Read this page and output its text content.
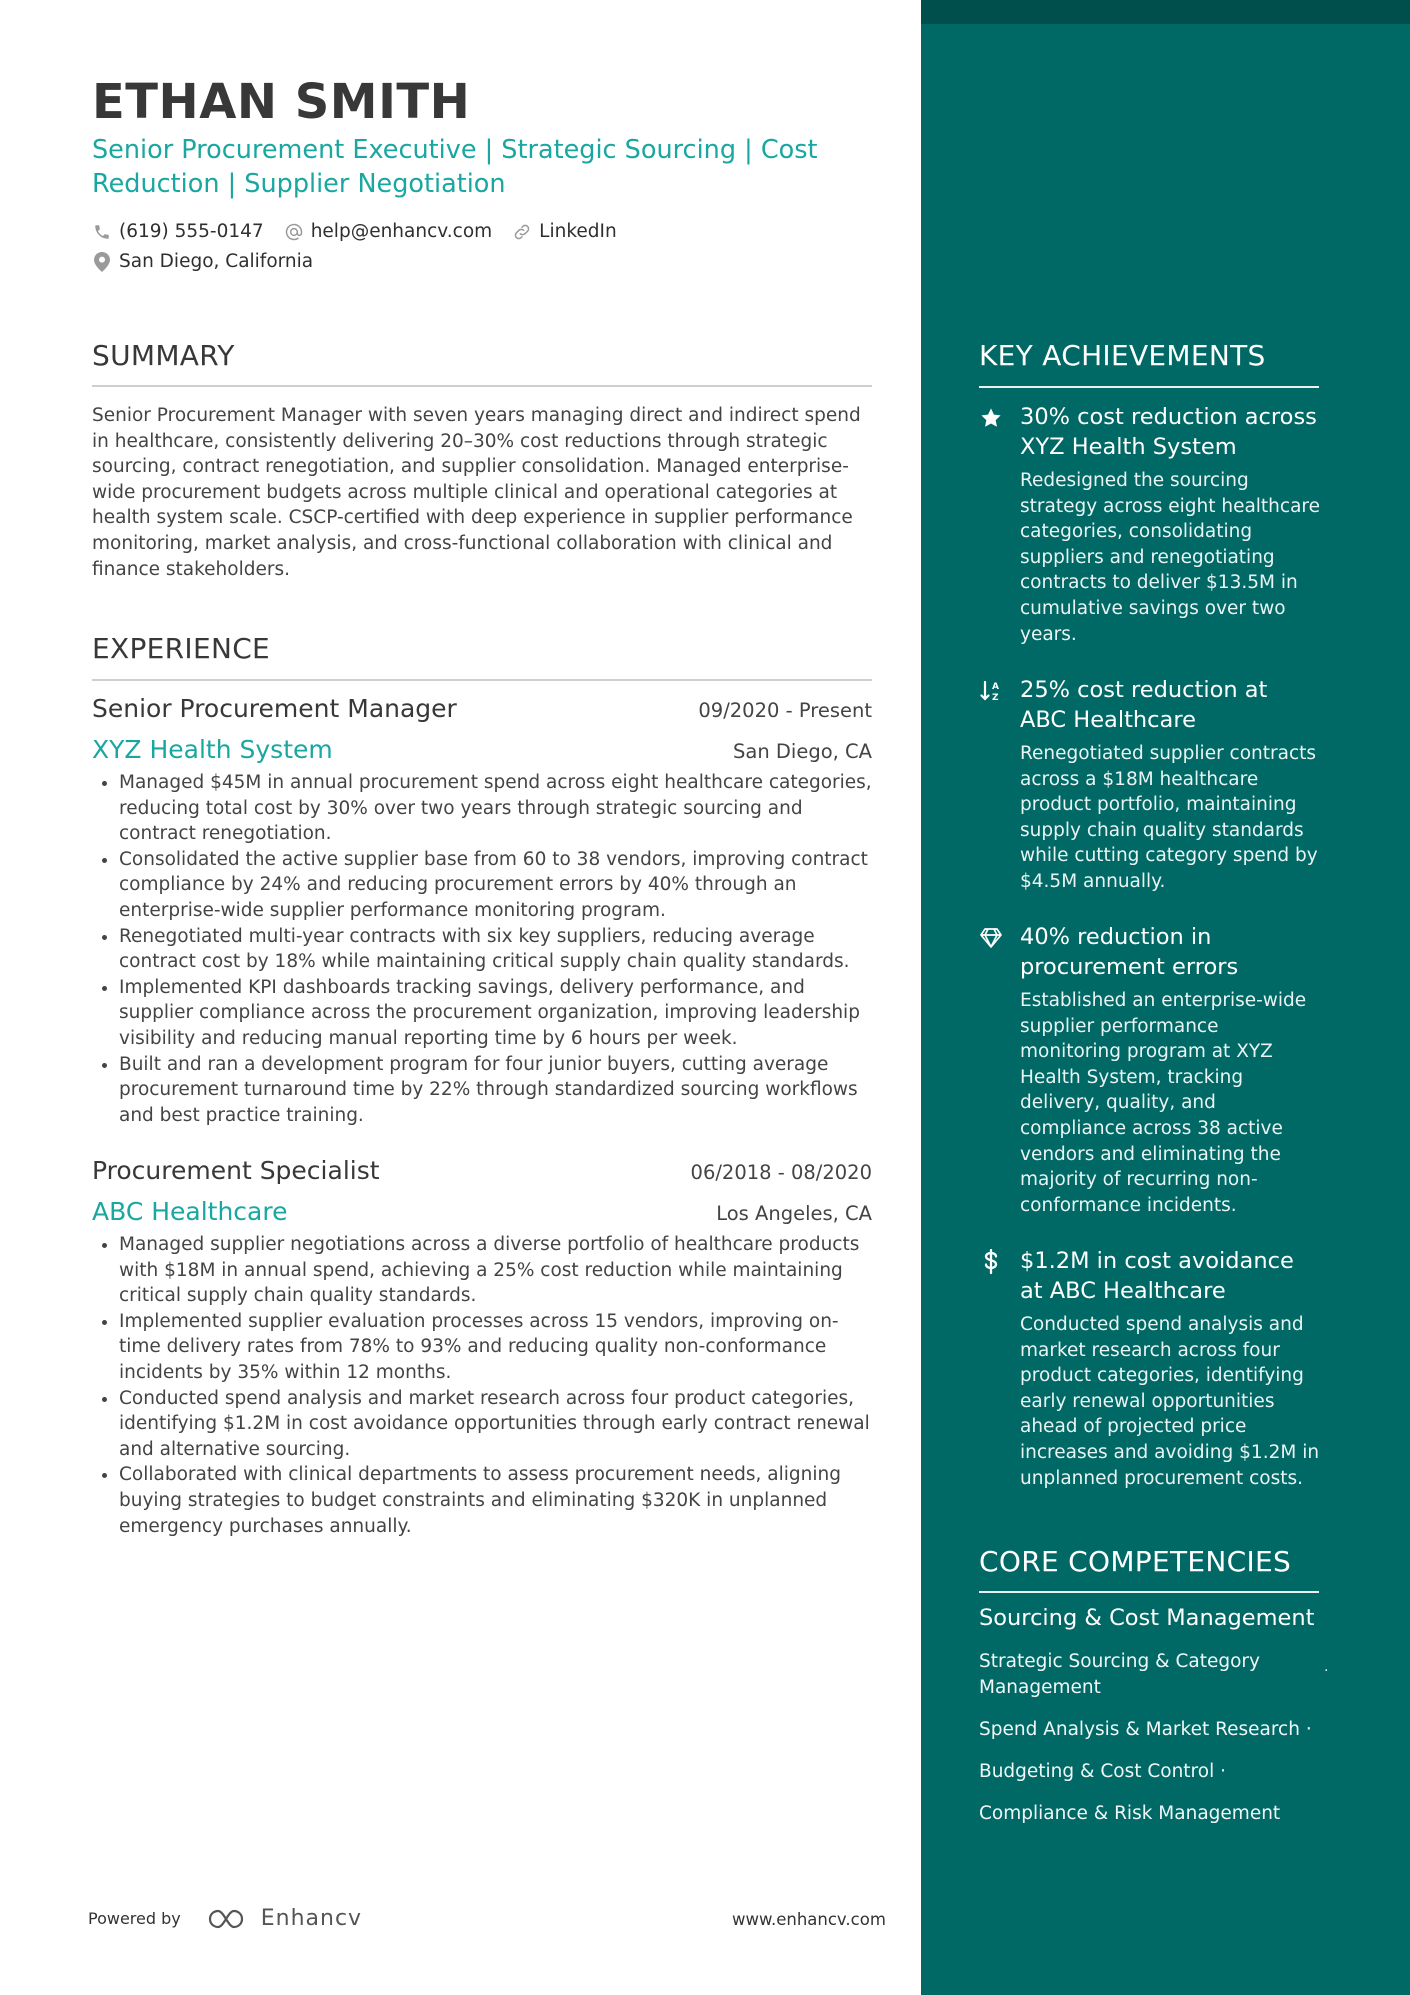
ETHAN SMITH
Senior Procurement Executive | Strategic Sourcing | Cost Reduction | Supplier Negotiation
(619) 555-0147	help@enhancv.com	LinkedIn
San Diego, California
SUMMARY
Senior Procurement Manager with seven years managing direct and indirect spend in healthcare, consistently delivering 20–30% cost reductions through strategic sourcing, contract renegotiation, and supplier consolidation. Managed enterprise-wide procurement budgets across multiple clinical and operational categories at health system scale. CSCP-certified with deep experience in supplier performance monitoring, market analysis, and cross-functional collaboration with clinical and finance stakeholders.
EXPERIENCE
Senior Procurement Manager	09/2020 - Present
XYZ Health System	San Diego, CA
• Managed $45M in annual procurement spend across eight healthcare categories, reducing total cost by 30% over two years through strategic sourcing and contract renegotiation.
• Consolidated the active supplier base from 60 to 38 vendors, improving contract compliance by 24% and reducing procurement errors by 40% through an enterprise-wide supplier performance monitoring program.
• Renegotiated multi-year contracts with six key suppliers, reducing average contract cost by 18% while maintaining critical supply chain quality standards.
• Implemented KPI dashboards tracking savings, delivery performance, and supplier compliance across the procurement organization, improving leadership visibility and reducing manual reporting time by 6 hours per week.
• Built and ran a development program for four junior buyers, cutting average procurement turnaround time by 22% through standardized sourcing workflows and best practice training.
Procurement Specialist	06/2018 - 08/2020
ABC Healthcare	Los Angeles, CA
• Managed supplier negotiations across a diverse portfolio of healthcare products with $18M in annual spend, achieving a 25% cost reduction while maintaining critical supply chain quality standards.
• Implemented supplier evaluation processes across 15 vendors, improving on-time delivery rates from 78% to 93% and reducing quality non-conformance incidents by 35% within 12 months.
• Conducted spend analysis and market research across four product categories, identifying $1.2M in cost avoidance opportunities through early contract renewal and alternative sourcing.
• Collaborated with clinical departments to assess procurement needs, aligning buying strategies to budget constraints and eliminating $320K in unplanned emergency purchases annually.
Powered by	Enhancv	www.enhancv.com
KEY ACHIEVEMENTS
30% cost reduction across XYZ Health System
Redesigned the sourcing strategy across eight healthcare categories, consolidating suppliers and renegotiating contracts to deliver $13.5M in cumulative savings over two years.
A
Z 25% cost reduction at ABC Healthcare
Renegotiated supplier contracts across a $18M healthcare product portfolio, maintaining supply chain quality standards while cutting category spend by $4.5M annually.
40% reduction in procurement errors
Established an enterprise-wide supplier performance monitoring program at XYZ Health System, tracking delivery, quality, and compliance across 38 active vendors and eliminating the majority of recurring non-conformance incidents.
$1.2M in cost avoidance at ABC Healthcare
Conducted spend analysis and market research across four product categories, identifying early renewal opportunities ahead of projected price increases and avoiding $1.2M in unplanned procurement costs.
CORE COMPETENCIES
Sourcing & Cost Management
Strategic Sourcing & Category Management
·
Spend Analysis & Market Research ·
Budgeting & Cost Control ·
Compliance & Risk Management
